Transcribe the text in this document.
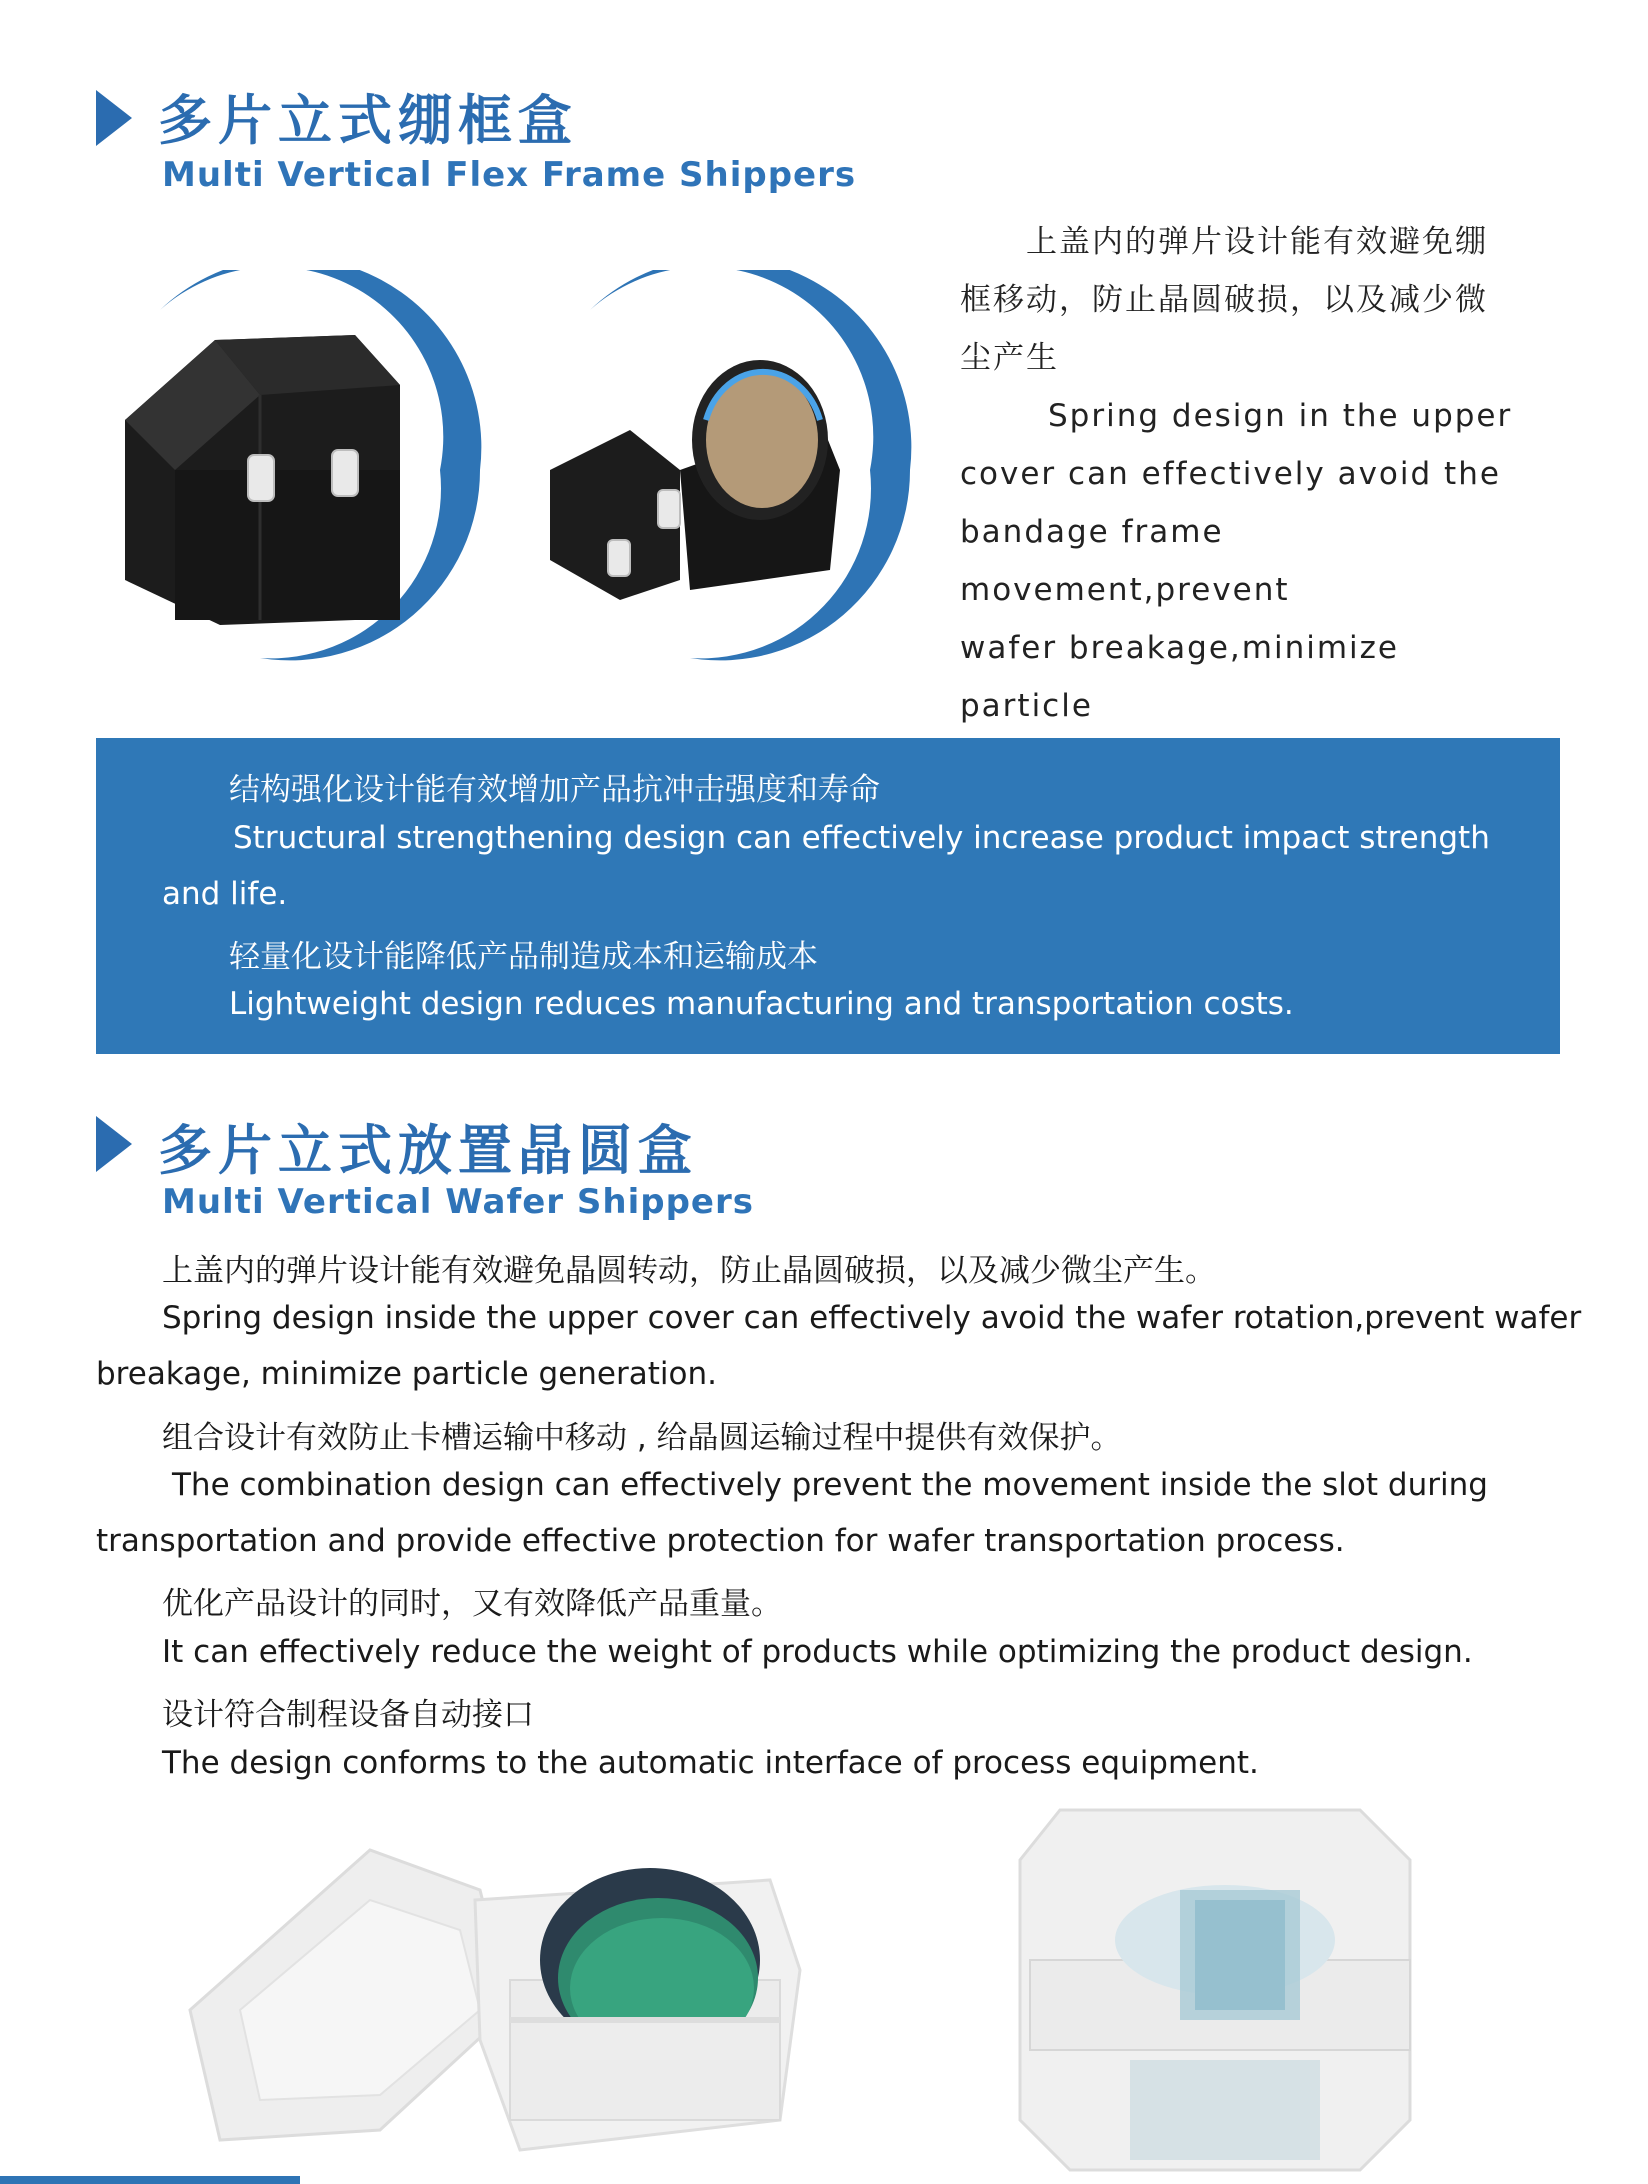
多片立式绷框盒
Multi Vertical Flex Frame Shippers
上盖内的弹片设计能有效避免绷
框移动，防止晶圆破损，以及减少微
尘产生
Spring design in the upper
cover can effectively avoid the
bandage frame movement,prevent
wafer breakage,minimize particle
结构强化设计能有效增加产品抗冲击强度和寿命
Structural strengthening design can effectively increase product impact strength
and life.
轻量化设计能降低产品制造成本和运输成本
Lightweight design reduces manufacturing and transportation costs.
多片立式放置晶圆盒
Multi Vertical Wafer Shippers
上盖内的弹片设计能有效避免晶圆转动，防止晶圆破损，以及减少微尘产生。
Spring design inside the upper cover can effectively avoid the wafer rotation,prevent wafer
breakage, minimize particle generation.
组合设计有效防止卡槽运输中移动 , 给晶圆运输过程中提供有效保护。
The combination design can effectively prevent the movement inside the slot during
transportation and provide effective protection for wafer transportation process.
优化产品设计的同时，又有效降低产品重量。
It can effectively reduce the weight of products while optimizing the product design.
设计符合制程设备自动接口
The design conforms to the automatic interface of process equipment.
